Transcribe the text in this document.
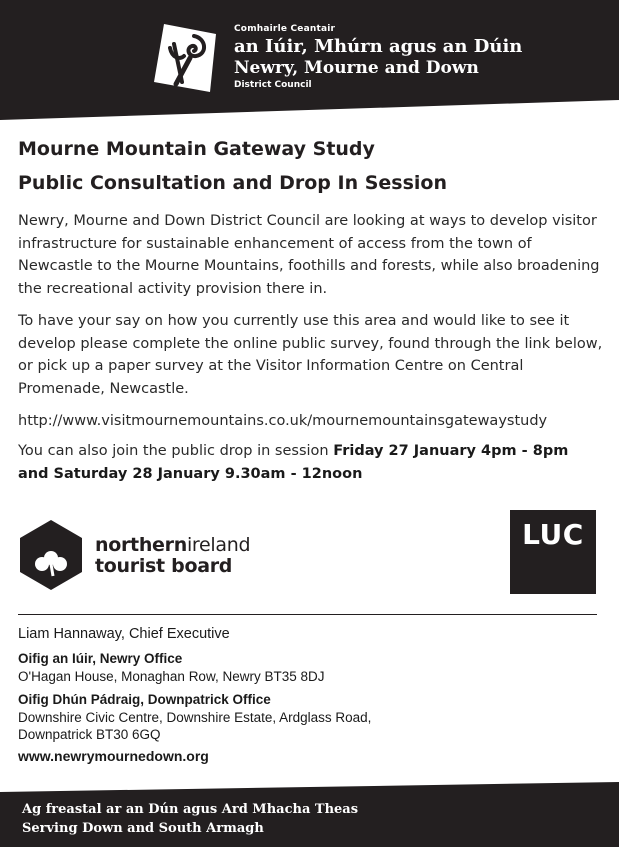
Comhairle Ceantair
an Iúir, Mhúrn agus an Dúin
Newry, Mourne and Down
District Council
Mourne Mountain Gateway Study
Public Consultation and Drop In Session

Newry, Mourne and Down District Council are looking at ways to develop visitor infrastructure for sustainable enhancement of access from the town of Newcastle to the Mourne Mountains, foothills and forests, while also broadening the recreational activity provision there in.

To have your say on how you currently use this area and would like to see it develop please complete the online public survey, found through the link below, or pick up a paper survey at the Visitor Information Centre on Central Promenade, Newcastle.

http://www.visitmournemountains.co.uk/mournemountainsgatewaystudy

You can also join the public drop in session Friday 27 January 4pm - 8pm and Saturday 28 January 9.30am - 12noon

northernireland
tourist board
LUC

Liam Hannaway, Chief Executive

Oifig an Iúir, Newry Office

O'Hagan House, Monaghan Row, Newry BT35 8DJ

Oifig Dhún Pádraig, Downpatrick Office

Downshire Civic Centre, Downshire Estate, Ardglass Road, Downpatrick BT30 6GQ

www.newrymournedown.org

Ag freastal ar an Dún agus Ard Mhacha Theas
Serving Down and South Armagh
